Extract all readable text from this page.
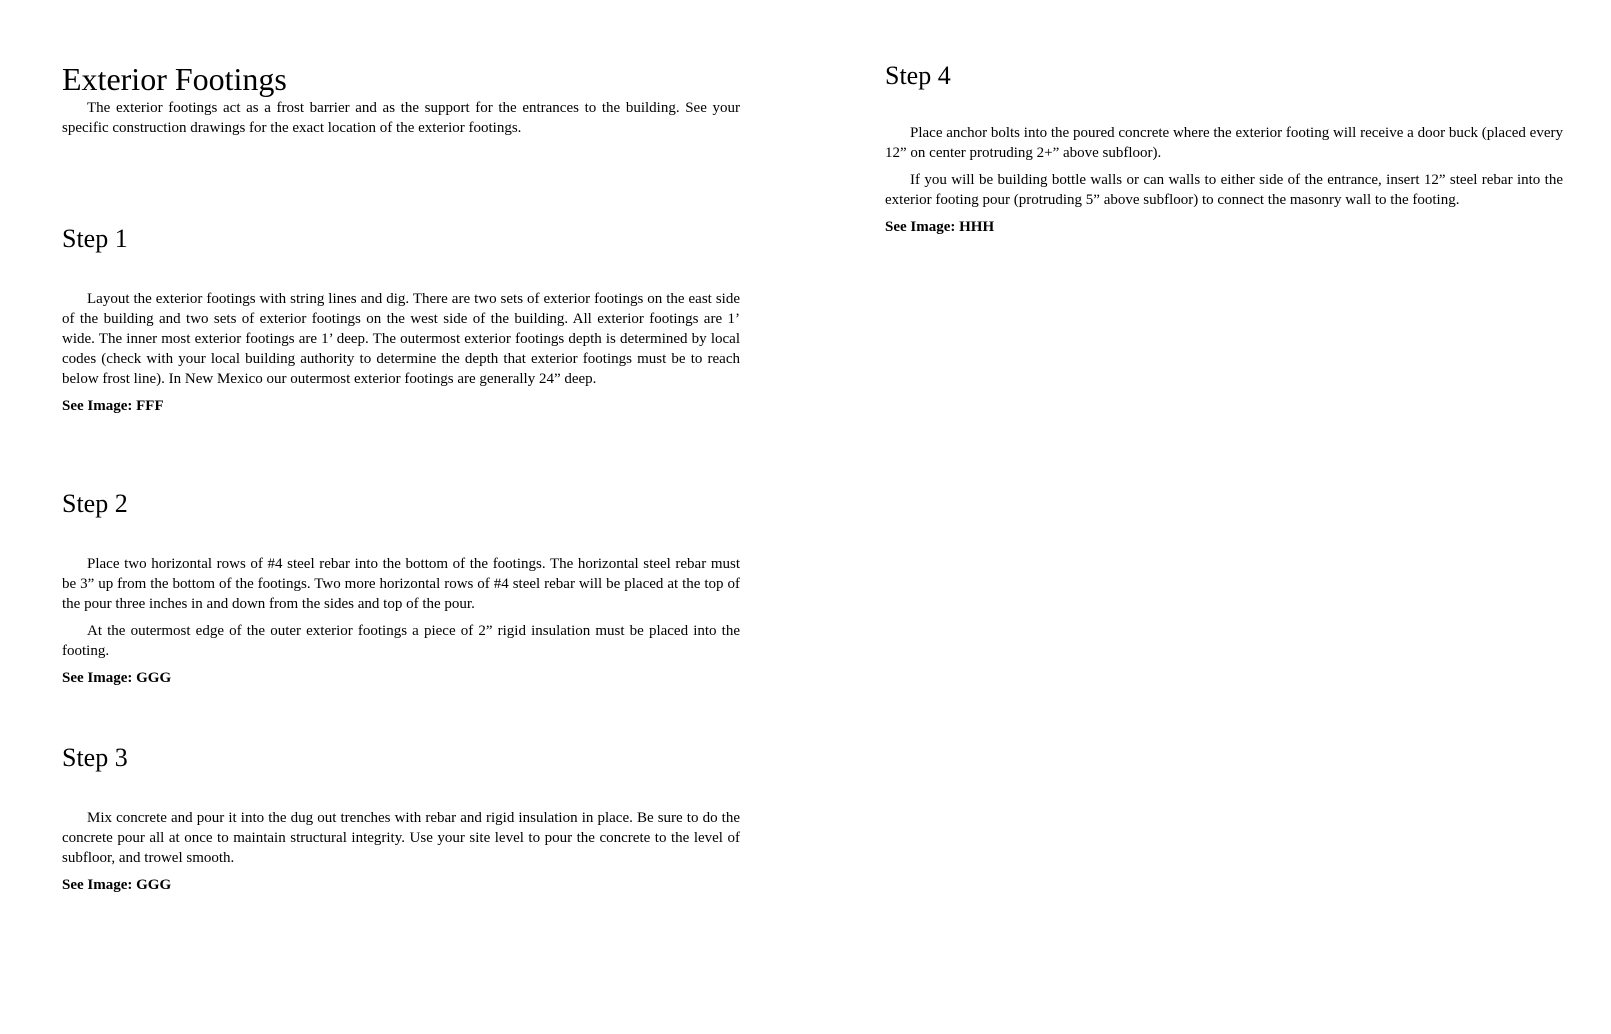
Exterior Footings

The exterior footings act as a frost barrier and as the support for the entrances to the building. See your specific construction drawings for the exact location of the exterior footings.

Step 1

Layout the exterior footings with string lines and dig. There are two sets of exterior footings on the east side of the building and two sets of exterior footings on the west side of the building. All exterior footings are 1’ wide. The inner most exterior footings are 1’ deep. The outermost exterior footings depth is determined by local codes (check with your local building authority to determine the depth that exterior footings must be to reach below frost line). In New Mexico our outermost exterior footings are generally 24” deep.

See Image: FFF

Step 2

Place two horizontal rows of #4 steel rebar into the bottom of the footings. The horizontal steel rebar must be 3” up from the bottom of the footings. Two more horizontal rows of #4 steel rebar will be placed at the top of the pour three inches in and down from the sides and top of the pour.

At the outermost edge of the outer exterior footings a piece of 2” rigid insulation must be placed into the footing.

See Image: GGG

Step 3

Mix concrete and pour it into the dug out trenches with rebar and rigid insulation in place. Be sure to do the concrete pour all at once to maintain structural integrity. Use your site level to pour the concrete to the level of subfloor, and trowel smooth.

See Image: GGG

Step 4

Place anchor bolts into the poured concrete where the exterior footing will receive a door buck (placed every 12” on center protruding 2+” above subfloor).

If you will be building bottle walls or can walls to either side of the entrance, insert 12” steel rebar into the exterior footing pour (protruding 5” above subfloor) to connect the masonry wall to the footing.

See Image: HHH
